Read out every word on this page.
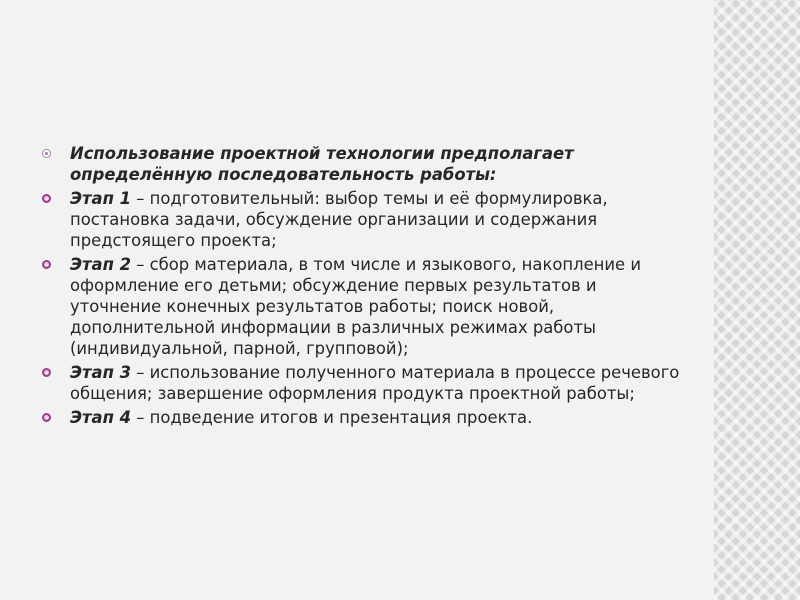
Использование проектной технологии предполагает определённую последовательность работы:
Этап 1 – подготовительный: выбор темы и её формулировка, постановка задачи, обсуждение организации и содержания предстоящего проекта;
Этап 2 – сбор материала, в том числе и языкового, накопление и оформление его детьми; обсуждение первых результатов и уточнение конечных результатов работы; поиск новой, дополнительной информации в различных режимах работы (индивидуальной, парной, групповой);
Этап 3 – использование полученного материала в процессе речевого общения; завершение оформления продукта проектной работы;
Этап 4 – подведение итогов и презентация проекта.
